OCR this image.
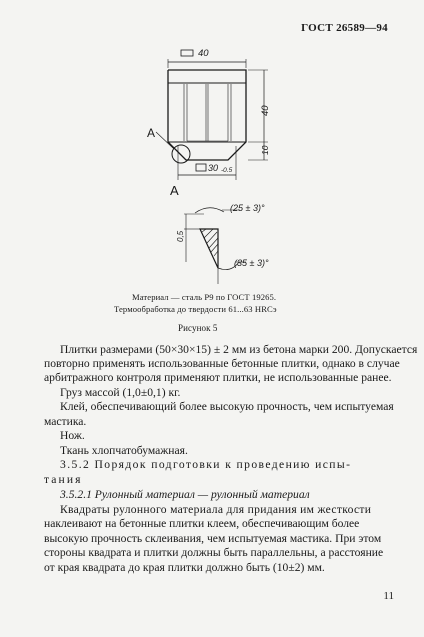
ГОСТ 26589—94
40
40
10
30 -0.5
0,5
(25 ± 3)°
(35 ± 3)°
А
А
Материал — сталь Р9 по ГОСТ 19265.
Термообработка до твердости 61...63 HRCэ
Рисунок 5
Плитки размерами (50×30×15) ± 2 мм из бетона марки 200. Допускается
повторно применять использованные бетонные плитки, однако в случае
арбитражного контроля применяют плитки, не использованные ранее.
Груз массой (1,0±0,1) кг.
Клей, обеспечивающий более высокую прочность, чем испытуемая
мастика.
Нож.
Ткань хлопчатобумажная.
3.5.2 Порядок подготовки к проведению испы-
тания
3.5.2.1 Рулонный материал — рулонный материал
Квадраты рулонного материала для придания им жесткости
наклеивают на бетонные плитки клеем, обеспечивающим более
высокую прочность склеивания, чем испытуемая мастика. При этом
стороны квадрата и плитки должны быть параллельны, а расстояние
от края квадрата до края плитки должно быть (10±2) мм.
11
